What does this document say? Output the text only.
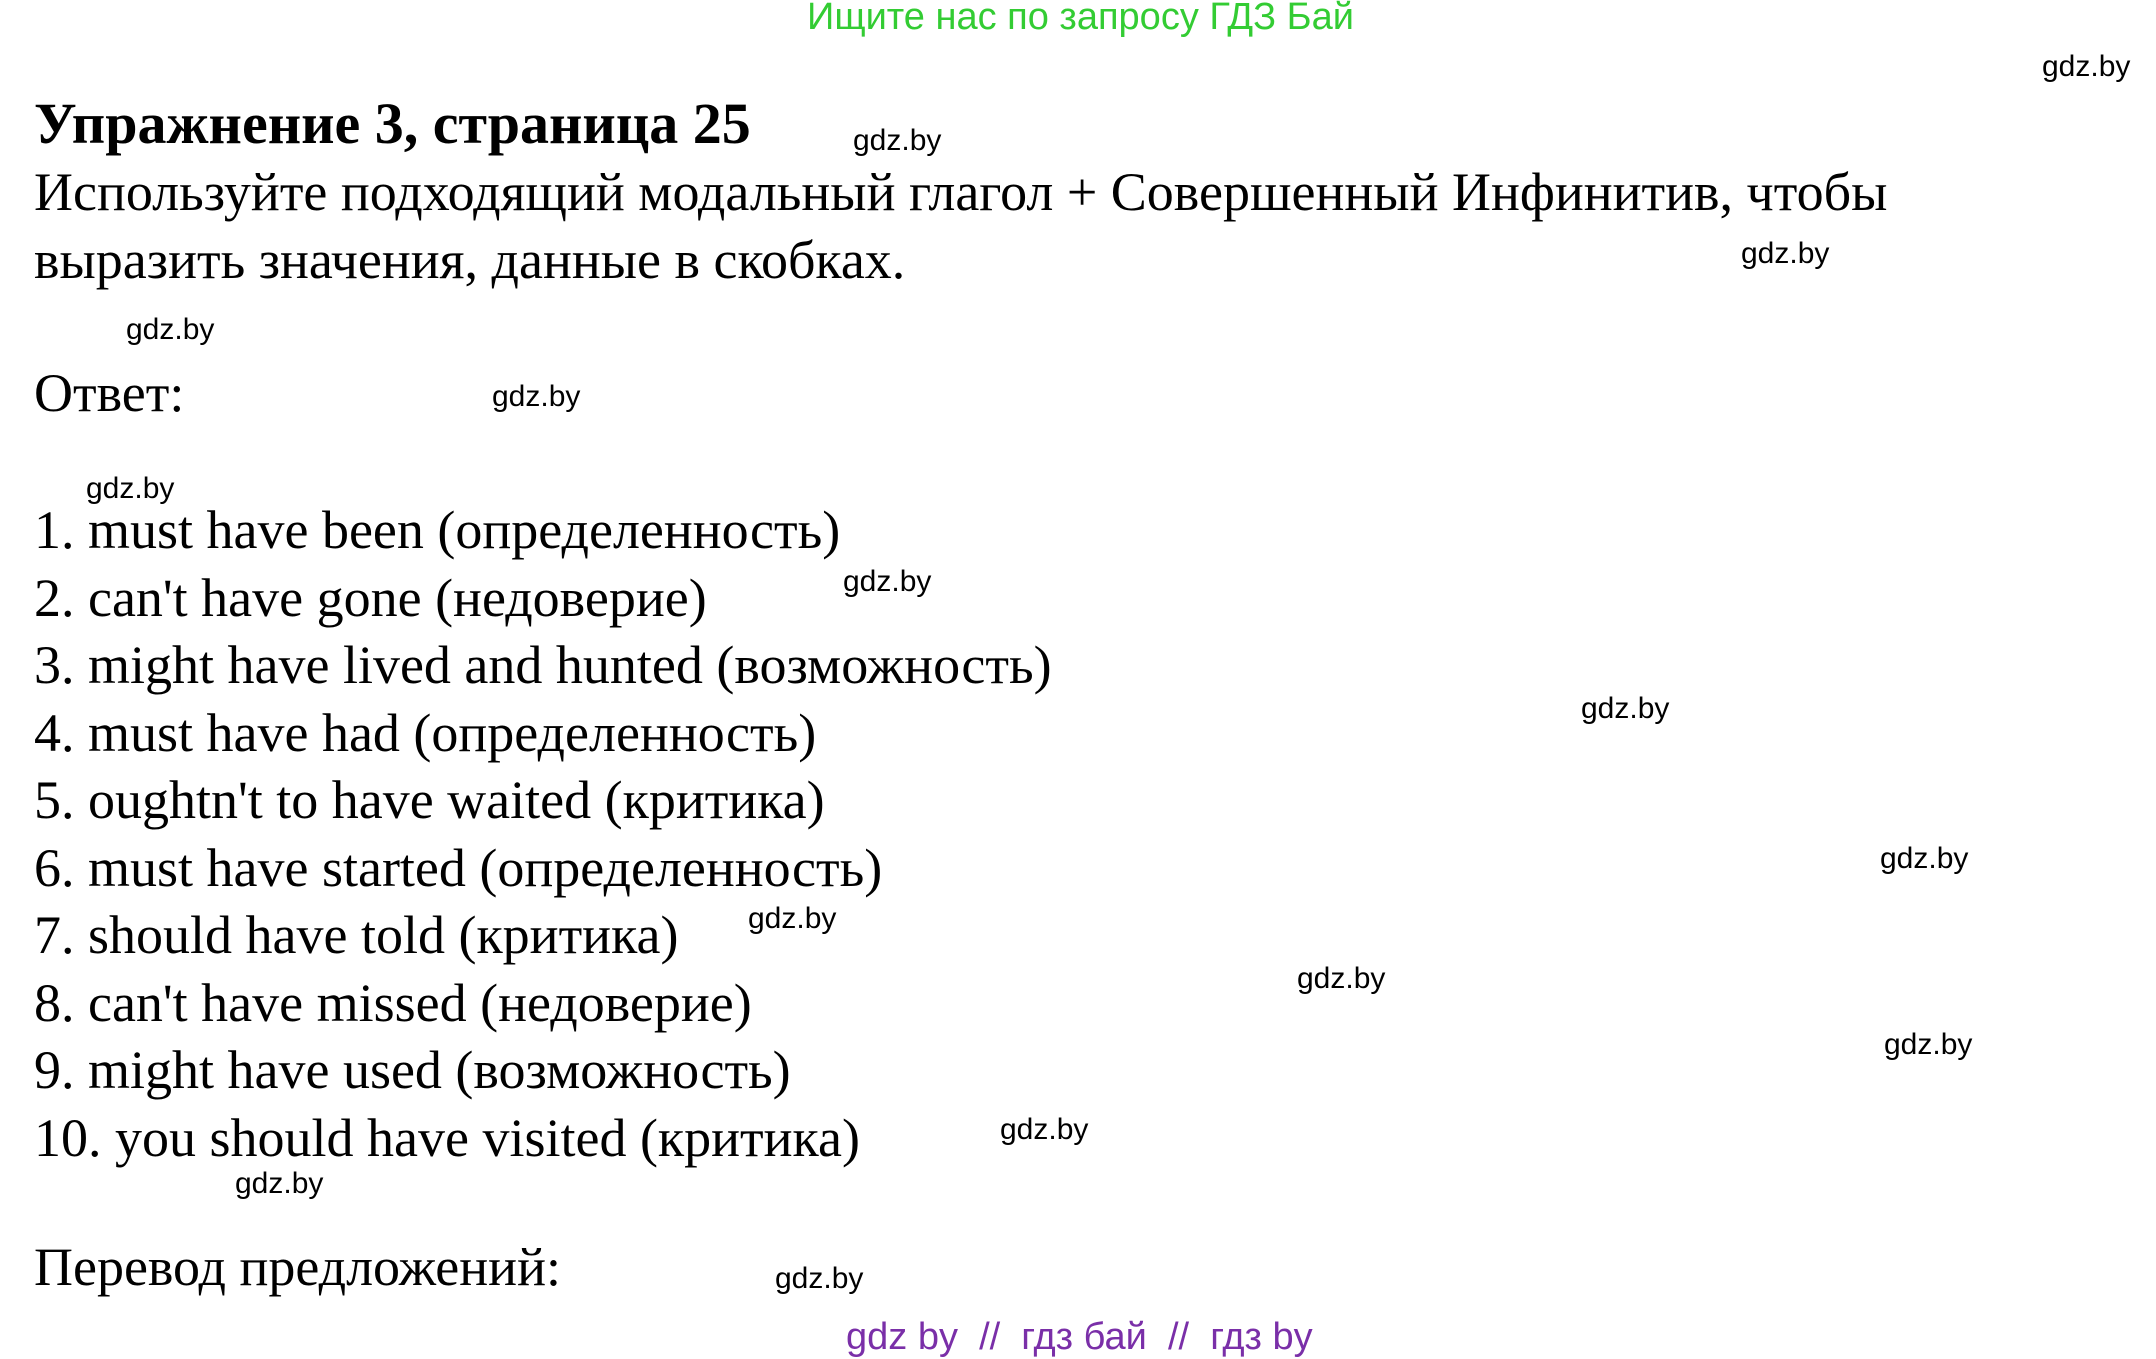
Ищите нас по запросу ГДЗ Бай
gdz.by
Упражнение 3, страница 25	gdz.by

Используйте подходящий модальный глагол + Совершенный Инфинитив, чтобы

выразить значения, данные в скобках.	gdz.by
gdz.by
Ответ:	gdz.by
gdz.by
1. must have been (определенность)
2. can't have gone (недоверие)
3. might have lived and hunted (возможность)
4. must have had (определенность)
5. oughtn't to have waited (критика)
6. must have started (определенность)
7. should have told (критика)
8. can't have missed (недоверие)
9. might have used (возможность)
10. you should have visited (критика)
gdz.by
gdz.by
gdz.by
gdz.by
gdz.by
gdz.by
gdz.by
gdz.by
Перевод предложений:	gdz.by
gdz by  //  гдз бай  //  гдз by
